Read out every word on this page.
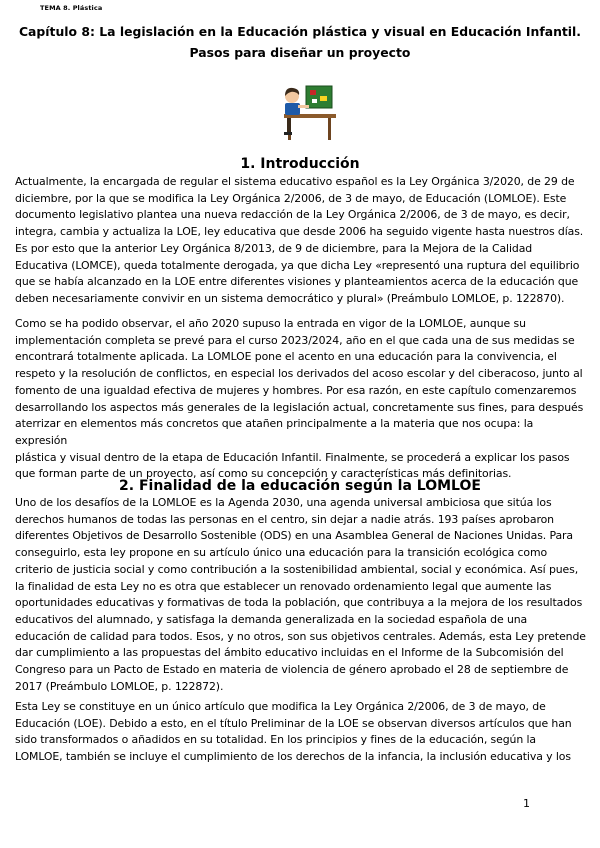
TEMA 8. Plástica
Capítulo 8: La legislación en la Educación plástica y visual en Educación Infantil.
Pasos para diseñar un proyecto
1. Introducción
Actualmente, la encargada de regular el sistema educativo español es la Ley Orgánica 3/2020, de 29 de
diciembre, por la que se modifica la Ley Orgánica 2/2006, de 3 de mayo, de Educación (LOMLOE). Este
documento legislativo plantea una nueva redacción de la Ley Orgánica 2/2006, de 3 de mayo, es decir,
integra, cambia y actualiza la LOE, ley educativa que desde 2006 ha seguido vigente hasta nuestros días.
Es por esto que la anterior Ley Orgánica 8/2013, de 9 de diciembre, para la Mejora de la Calidad
Educativa (LOMCE), queda totalmente derogada, ya que dicha Ley «representó una ruptura del equilibrio
que se había alcanzado en la LOE entre diferentes visiones y planteamientos acerca de la educación que
deben necesariamente convivir en un sistema democrático y plural» (Preámbulo LOMLOE, p. 122870).
Como se ha podido observar, el año 2020 supuso la entrada en vigor de la LOMLOE, aunque su
implementación completa se prevé para el curso 2023/2024, año en el que cada una de sus medidas se
encontrará totalmente aplicada. La LOMLOE pone el acento en una educación para la convivencia, el
respeto y la resolución de conflictos, en especial los derivados del acoso escolar y del ciberacoso, junto al
fomento de una igualdad efectiva de mujeres y hombres. Por esa razón, en este capítulo comenzaremos
desarrollando los aspectos más generales de la legislación actual, concretamente sus fines, para después
aterrizar en elementos más concretos que atañen principalmente a la materia que nos ocupa: la expresión
plástica y visual dentro de la etapa de Educación Infantil. Finalmente, se procederá a explicar los pasos
que forman parte de un proyecto, así como su concepción y características más definitorias.
2. Finalidad de la educación según la LOMLOE
Uno de los desafíos de la LOMLOE es la Agenda 2030, una agenda universal ambiciosa que sitúa los
derechos humanos de todas las personas en el centro, sin dejar a nadie atrás. 193 países aprobaron
diferentes Objetivos de Desarrollo Sostenible (ODS) en una Asamblea General de Naciones Unidas. Para
conseguirlo, esta ley propone en su artículo único una educación para la transición ecológica como
criterio de justicia social y como contribución a la sostenibilidad ambiental, social y económica. Así pues,
la finalidad de esta Ley no es otra que establecer un renovado ordenamiento legal que aumente las
oportunidades educativas y formativas de toda la población, que contribuya a la mejora de los resultados
educativos del alumnado, y satisfaga la demanda generalizada en la sociedad española de una
educación de calidad para todos. Esos, y no otros, son sus objetivos centrales. Además, esta Ley pretende
dar cumplimiento a las propuestas del ámbito educativo incluidas en el Informe de la Subcomisión del
Congreso para un Pacto de Estado en materia de violencia de género aprobado el 28 de septiembre de
2017 (Preámbulo LOMLOE, p. 122872).
Esta Ley se constituye en un único artículo que modifica la Ley Orgánica 2/2006, de 3 de mayo, de
Educación (LOE). Debido a esto, en el título Preliminar de la LOE se observan diversos artículos que han
sido transformados o añadidos en su totalidad. En los principios y fines de la educación, según la
LOMLOE, también se incluye el cumplimiento de los derechos de la infancia, la inclusión educativa y los
1
